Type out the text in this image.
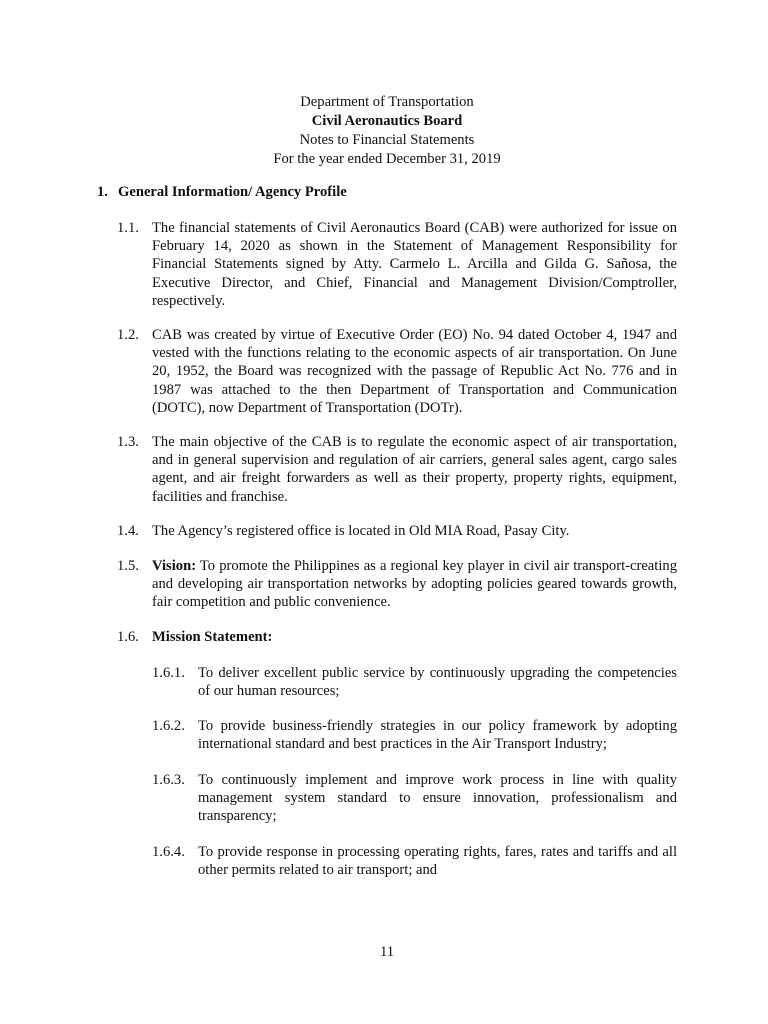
Department of Transportation
Civil Aeronautics Board
Notes to Financial Statements
For the year ended December 31, 2019
1. General Information/ Agency Profile
1.1. The financial statements of Civil Aeronautics Board (CAB) were authorized for issue on February 14, 2020 as shown in the Statement of Management Responsibility for Financial Statements signed by Atty. Carmelo L. Arcilla and Gilda G. Sañosa, the Executive Director, and Chief, Financial and Management Division/Comptroller, respectively.
1.2. CAB was created by virtue of Executive Order (EO) No. 94 dated October 4, 1947 and vested with the functions relating to the economic aspects of air transportation. On June 20, 1952, the Board was recognized with the passage of Republic Act No. 776 and in 1987 was attached to the then Department of Transportation and Communication (DOTC), now Department of Transportation (DOTr).
1.3. The main objective of the CAB is to regulate the economic aspect of air transportation, and in general supervision and regulation of air carriers, general sales agent, cargo sales agent, and air freight forwarders as well as their property, property rights, equipment, facilities and franchise.
1.4. The Agency’s registered office is located in Old MIA Road, Pasay City.
1.5. Vision: To promote the Philippines as a regional key player in civil air transport-creating and developing air transportation networks by adopting policies geared towards growth, fair competition and public convenience.
1.6. Mission Statement:
1.6.1. To deliver excellent public service by continuously upgrading the competencies of our human resources;
1.6.2. To provide business-friendly strategies in our policy framework by adopting international standard and best practices in the Air Transport Industry;
1.6.3. To continuously implement and improve work process in line with quality management system standard to ensure innovation, professionalism and transparency;
1.6.4. To provide response in processing operating rights, fares, rates and tariffs and all other permits related to air transport; and
11
